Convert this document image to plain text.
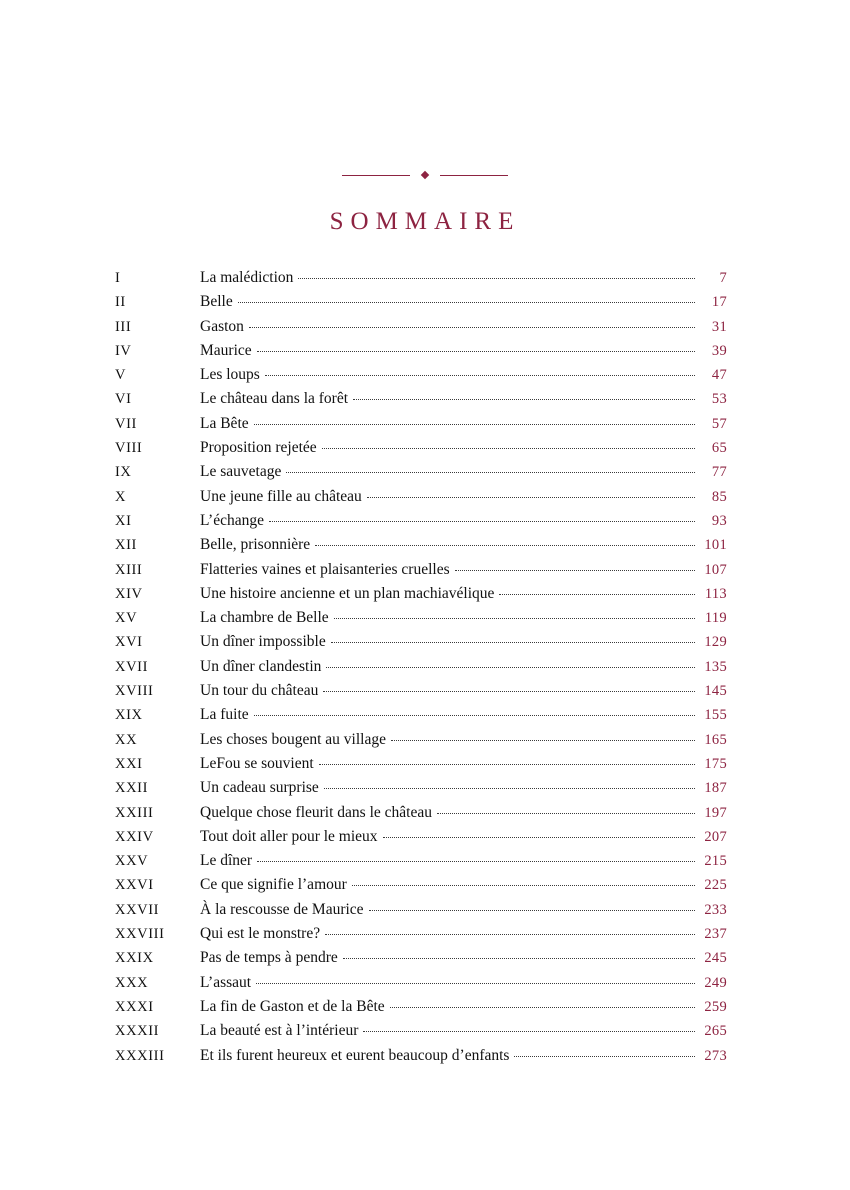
SOMMAIRE
I	La malédiction	7
II	Belle	17
III	Gaston	31
IV	Maurice	39
V	Les loups	47
VI	Le château dans la forêt	53
VII	La Bête	57
VIII	Proposition rejetée	65
IX	Le sauvetage	77
X	Une jeune fille au château	85
XI	L’échange	93
XII	Belle, prisonnière	101
XIII	Flatteries vaines et plaisanteries cruelles	107
XIV	Une histoire ancienne et un plan machiavélique	113
XV	La chambre de Belle	119
XVI	Un dîner impossible	129
XVII	Un dîner clandestin	135
XVIII	Un tour du château	145
XIX	La fuite	155
XX	Les choses bougent au village	165
XXI	LeFou se souvient	175
XXII	Un cadeau surprise	187
XXIII	Quelque chose fleurit dans le château	197
XXIV	Tout doit aller pour le mieux	207
XXV	Le dîner	215
XXVI	Ce que signifie l’amour	225
XXVII	À la rescousse de Maurice	233
XXVIII	Qui est le monstre?	237
XXIX	Pas de temps à pendre	245
XXX	L’assaut	249
XXXI	La fin de Gaston et de la Bête	259
XXXII	La beauté est à l’intérieur	265
XXXIII	Et ils furent heureux et eurent beaucoup d’enfants	273
